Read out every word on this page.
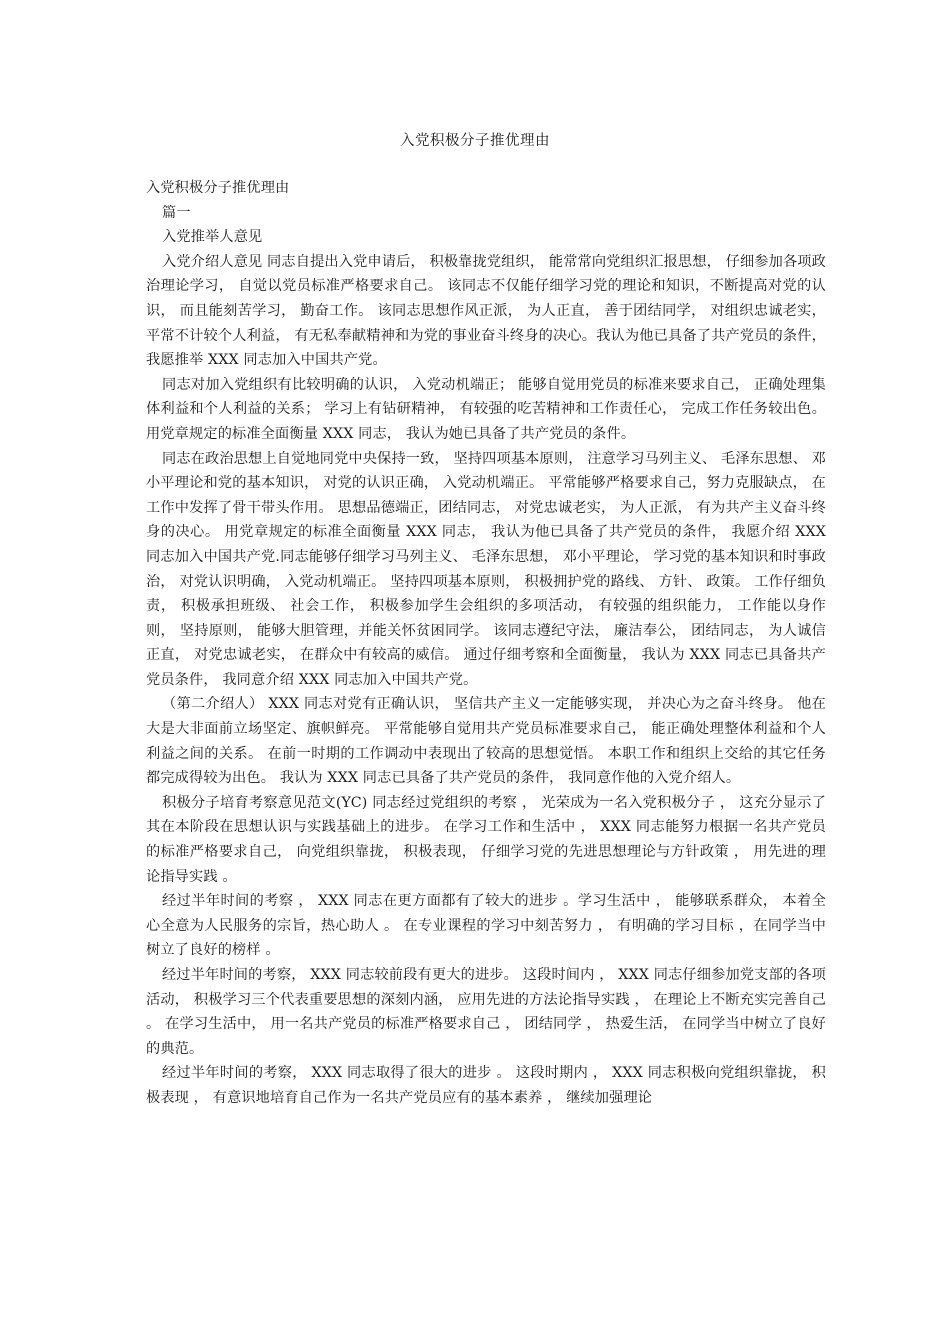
入党积极分子推优理由

入党积极分子推优理由

篇一

入党推举人意见

入党介绍人意见 同志自提出入党申请后， 积极靠拢党组织， 能常常向党组织汇报思想， 仔细参加各项政治理论学习， 自觉以党员标准严格要求自己。 该同志不仅能仔细学习党的理论和知识，不断提高对党的认识， 而且能刻苦学习， 勤奋工作。 该同志思想作风正派， 为人正直， 善于团结同学， 对组织忠诚老实， 平常不计较个人利益， 有无私奉献精神和为党的事业奋斗终身的决心。我认为他已具备了共产党员的条件， 我愿推举 XXX 同志加入中国共产党。

同志对加入党组织有比较明确的认识， 入党动机端正； 能够自觉用党员的标准来要求自己， 正确处理集体利益和个人利益的关系； 学习上有钻研精神， 有较强的吃苦精神和工作责任心， 完成工作任务较出色。 用党章规定的标准全面衡量 XXX 同志， 我认为她已具备了共产党员的条件。

同志在政治思想上自觉地同党中央保持一致， 坚持四项基本原则， 注意学习马列主义、 毛泽东思想、 邓小平理论和党的基本知识， 对党的认识正确， 入党动机端正。 平常能够严格要求自己，努力克服缺点， 在工作中发挥了骨干带头作用。 思想品德端正，团结同志， 对党忠诚老实， 为人正派， 有为共产主义奋斗终身的决心。 用党章规定的标准全面衡量 XXX 同志， 我认为他已具备了共产党员的条件， 我愿介绍 XXX 同志加入中国共产党.同志能够仔细学习马列主义、 毛泽东思想， 邓小平理论， 学习党的基本知识和时事政治， 对党认识明确， 入党动机端正。 坚持四项基本原则， 积极拥护党的路线、 方针、 政策。 工作仔细负责， 积极承担班级、 社会工作， 积极参加学生会组织的多项活动， 有较强的组织能力， 工作能以身作则， 坚持原则， 能够大胆管理，并能关怀贫困同学。 该同志遵纪守法， 廉洁奉公， 团结同志， 为人诚信正直， 对党忠诚老实， 在群众中有较高的威信。 通过仔细考察和全面衡量， 我认为 XXX 同志已具备共产党员条件， 我同意介绍 XXX 同志加入中国共产党。

（第二介绍人） XXX 同志对党有正确认识， 坚信共产主义一定能够实现， 并决心为之奋斗终身。 他在大是大非面前立场坚定、旗帜鲜亮。 平常能够自觉用共产党员标准要求自己， 能正确处理整体利益和个人利益之间的关系。 在前一时期的工作调动中表现出了较高的思想觉悟。 本职工作和组织上交给的其它任务都完成得较为出色。 我认为 XXX 同志已具备了共产党员的条件， 我同意作他的入党介绍人。

积极分子培育考察意见范文(YC) 同志经过党组织的考察 ， 光荣成为一名入党积极分子 ， 这充分显示了其在本阶段在思想认识与实践基础上的进步。 在学习工作和生活中 ， XXX 同志能努力根据一名共产党员的标准严格要求自己， 向党组织靠拢， 积极表现， 仔细学习党的先进思想理论与方针政策 ， 用先进的理论指导实践 。

经过半年时间的考察 ， XXX 同志在更方面都有了较大的进步 。学习生活中 ， 能够联系群众， 本着全心全意为人民服务的宗旨，热心助人 。 在专业课程的学习中刻苦努力 ， 有明确的学习目标 ，在同学当中树立了良好的榜样 。

经过半年时间的考察， XXX 同志较前段有更大的进步。 这段时间内 ， XXX 同志仔细参加党支部的各项活动， 积极学习三个代表重要思想的深刻内涵， 应用先进的方法论指导实践 ， 在理论上不断充实完善自己 。 在学习生活中， 用一名共产党员的标准严格要求自己 ， 团结同学 ， 热爱生活， 在同学当中树立了良好的典范。

经过半年时间的考察， XXX 同志取得了很大的进步 。 这段时期内 ， XXX 同志积极向党组织靠拢， 积极表现 ， 有意识地培育自己作为一名共产党员应有的基本素养 ， 继续加强理论
